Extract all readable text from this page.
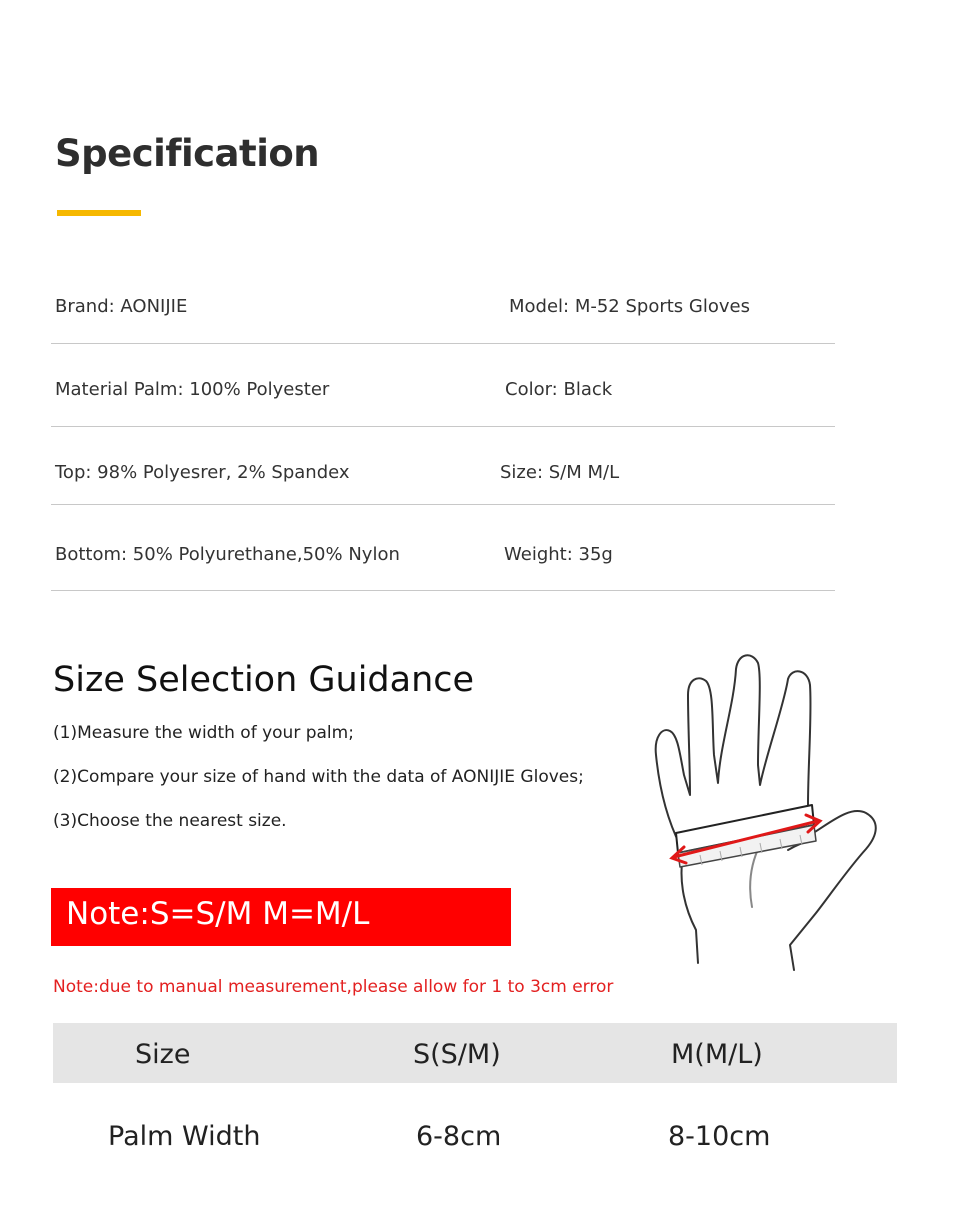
Specification
Brand: AONIJIE	Model: M-52 Sports Gloves
Material Palm: 100% Polyester	Color: Black
Top: 98% Polyesrer, 2% Spandex	Size: S/M M/L
Bottom: 50% Polyurethane,50% Nylon	Weight: 35g
Size Selection Guidance
(1)Measure the width of your palm;
(2)Compare your size of hand with the data of AONIJIE Gloves;
(3)Choose the nearest size.
Note:S=S/M M=M/L
Note:due to manual measurement,please allow for 1 to 3cm error
Size	S(S/M)	M(M/L)
Palm Width	6-8cm	8-10cm
